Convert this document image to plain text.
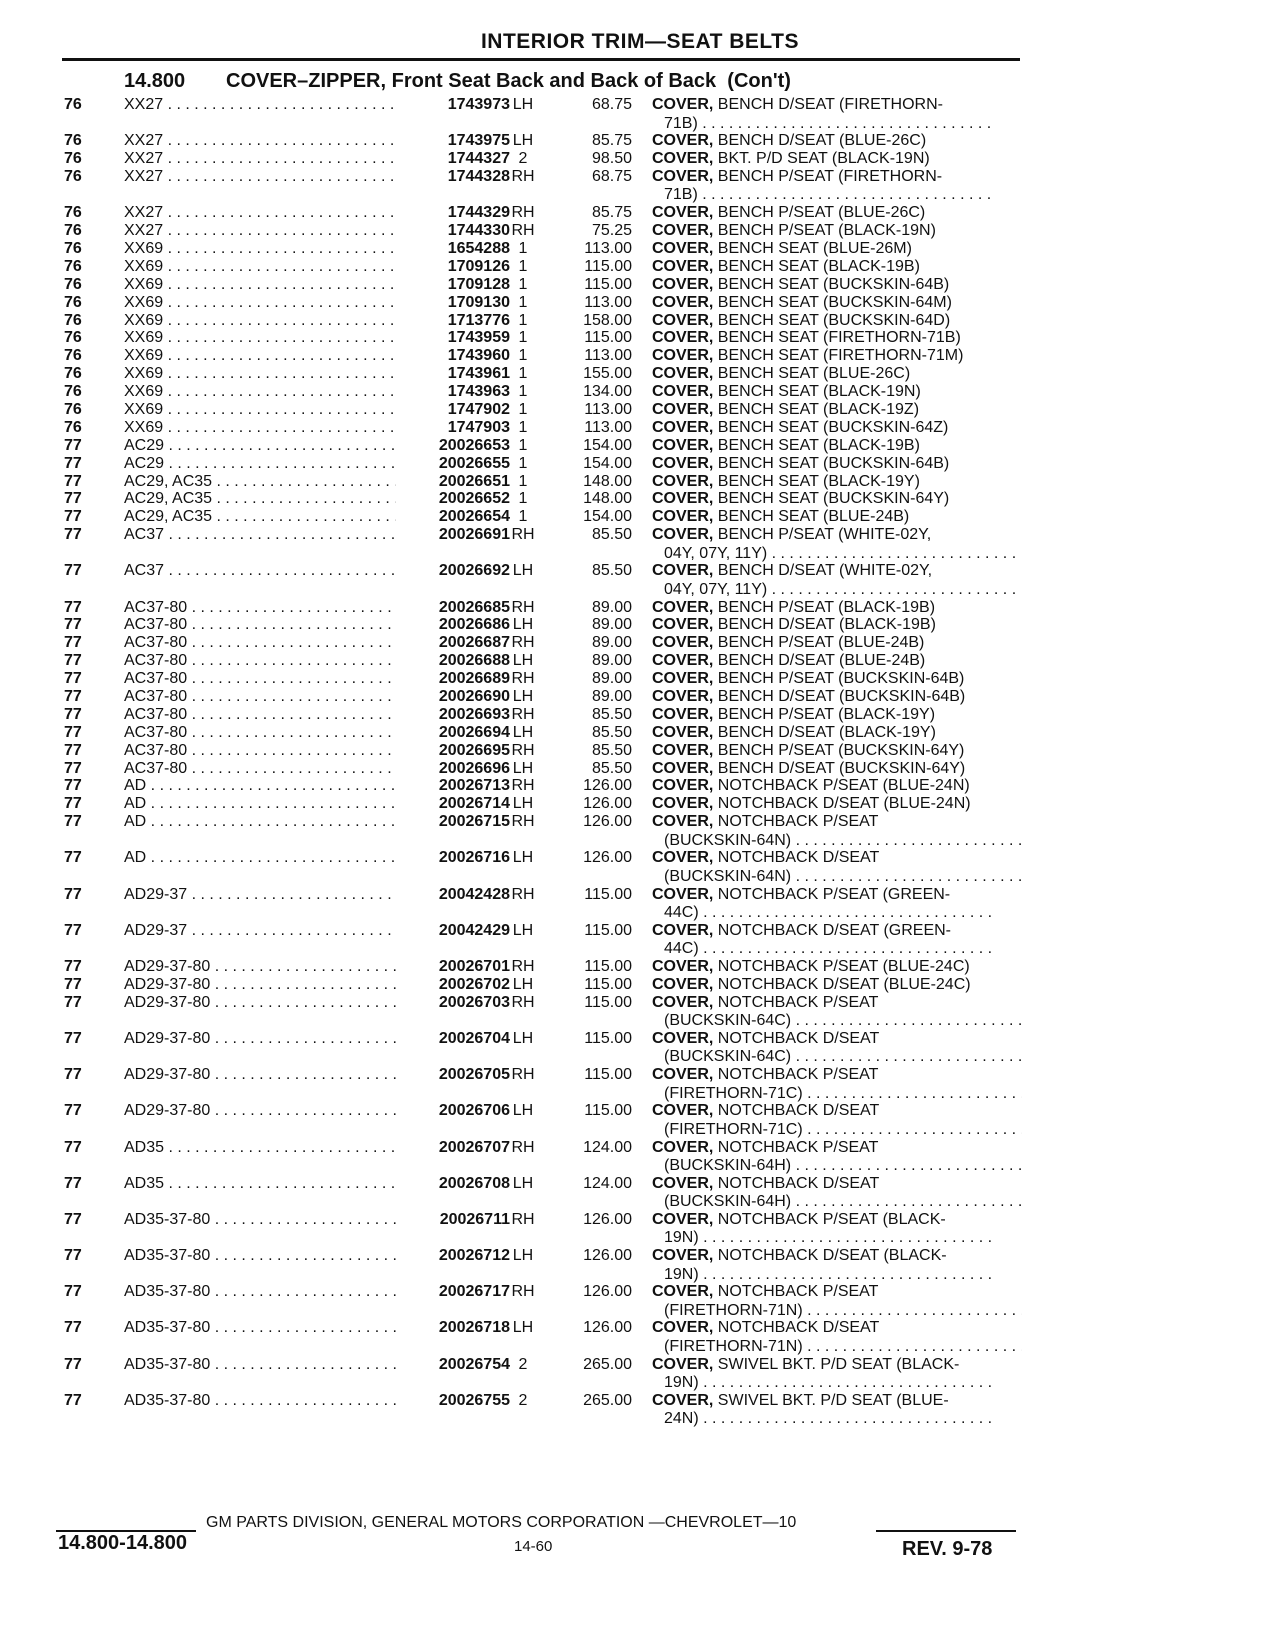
INTERIOR TRIM—SEAT BELTS
14.800 COVER–ZIPPER, Front Seat Back and Back of Back (Con't)
76	XX27 . . .	1743973 LH	68.75 COVER, BENCH D/SEAT (FIRETHORN-
71B) . . .
76	XX27 . . .	1743975 LH	85.75 COVER, BENCH D/SEAT (BLUE-26C)
76	XX27 . . .	1744327 2	98.50 COVER, BKT. P/D SEAT (BLACK-19N)
76	XX27 . . .	1744328 RH	68.75 COVER, BENCH P/SEAT (FIRETHORN-
71B) . . .
76	XX27 . . .	1744329 RH	85.75 COVER, BENCH P/SEAT (BLUE-26C)
76	XX27 . . .	1744330 RH	75.25 COVER, BENCH P/SEAT (BLACK-19N)
76	XX69 . . .	1654288 1	113.00 COVER, BENCH SEAT (BLUE-26M)
76	XX69 . . .	1709126 1	115.00 COVER, BENCH SEAT (BLACK-19B)
76	XX69 . . .	1709128 1	115.00 COVER, BENCH SEAT (BUCKSKIN-64B)
76	XX69 . . .	1709130 1	113.00 COVER, BENCH SEAT (BUCKSKIN-64M)
76	XX69 . . .	1713776 1	158.00 COVER, BENCH SEAT (BUCKSKIN-64D)
76	XX69 . . .	1743959 1	115.00 COVER, BENCH SEAT (FIRETHORN-71B)
76	XX69 . . .	1743960 1	113.00 COVER, BENCH SEAT (FIRETHORN-71M)
76	XX69 . . .	1743961 1	155.00 COVER, BENCH SEAT (BLUE-26C)
76	XX69 . . .	1743963 1	134.00 COVER, BENCH SEAT (BLACK-19N)
76	XX69 . . .	1747902 1	113.00 COVER, BENCH SEAT (BLACK-19Z)
76	XX69 . . .	1747903 1	113.00 COVER, BENCH SEAT (BUCKSKIN-64Z)
77	AC29 . . .	20026653 1	154.00 COVER, BENCH SEAT (BLACK-19B)
77	AC29 . . .	20026655 1	154.00 COVER, BENCH SEAT (BUCKSKIN-64B)
77	AC29, AC35 . . .	20026651 1	148.00 COVER, BENCH SEAT (BLACK-19Y)
77	AC29, AC35 . . .	20026652 1	148.00 COVER, BENCH SEAT (BUCKSKIN-64Y)
77	AC29, AC35 . . .	20026654 1	154.00 COVER, BENCH SEAT (BLUE-24B)
77	AC37 . . .	20026691 RH	85.50 COVER, BENCH P/SEAT (WHITE-02Y,
04Y, 07Y, 11Y) . . .
77	AC37 . . .	20026692 LH	85.50 COVER, BENCH D/SEAT (WHITE-02Y,
04Y, 07Y, 11Y) . . .
77	AC37-80 . . .	20026685 RH	89.00 COVER, BENCH P/SEAT (BLACK-19B)
77	AC37-80 . . .	20026686 LH	89.00 COVER, BENCH D/SEAT (BLACK-19B)
77	AC37-80 . . .	20026687 RH	89.00 COVER, BENCH P/SEAT (BLUE-24B)
77	AC37-80 . . .	20026688 LH	89.00 COVER, BENCH D/SEAT (BLUE-24B)
77	AC37-80 . . .	20026689 RH	89.00 COVER, BENCH P/SEAT (BUCKSKIN-64B)
77	AC37-80 . . .	20026690 LH	89.00 COVER, BENCH D/SEAT (BUCKSKIN-64B)
77	AC37-80 . . .	20026693 RH	85.50 COVER, BENCH P/SEAT (BLACK-19Y)
77	AC37-80 . . .	20026694 LH	85.50 COVER, BENCH D/SEAT (BLACK-19Y)
77	AC37-80 . . .	20026695 RH	85.50 COVER, BENCH P/SEAT (BUCKSKIN-64Y)
77	AC37-80 . . .	20026696 LH	85.50 COVER, BENCH D/SEAT (BUCKSKIN-64Y)
77	AD . . .	20026713 RH	126.00 COVER, NOTCHBACK P/SEAT (BLUE-24N)
77	AD . . .	20026714 LH	126.00 COVER, NOTCHBACK D/SEAT (BLUE-24N)
77	AD . . .	20026715 RH	126.00 COVER, NOTCHBACK P/SEAT
(BUCKSKIN-64N) . . .
77	AD . . .	20026716 LH	126.00 COVER, NOTCHBACK D/SEAT
(BUCKSKIN-64N) . . .
77	AD29-37 . . .	20042428 RH	115.00 COVER, NOTCHBACK P/SEAT (GREEN-
44C) . . .
77	AD29-37 . . .	20042429 LH	115.00 COVER, NOTCHBACK D/SEAT (GREEN-
44C) . . .
77	AD29-37-80 . . .	20026701 RH	115.00 COVER, NOTCHBACK P/SEAT (BLUE-24C)
77	AD29-37-80 . . .	20026702 LH	115.00 COVER, NOTCHBACK D/SEAT (BLUE-24C)
77	AD29-37-80 . . .	20026703 RH	115.00 COVER, NOTCHBACK P/SEAT
(BUCKSKIN-64C) . . .
77	AD29-37-80 . . .	20026704 LH	115.00 COVER, NOTCHBACK D/SEAT
(BUCKSKIN-64C) . . .
77	AD29-37-80 . . .	20026705 RH	115.00 COVER, NOTCHBACK P/SEAT
(FIRETHORN-71C) . . .
77	AD29-37-80 . . .	20026706 LH	115.00 COVER, NOTCHBACK D/SEAT
(FIRETHORN-71C) . . .
77	AD35 . . .	20026707 RH	124.00 COVER, NOTCHBACK P/SEAT
(BUCKSKIN-64H) . . .
77	AD35 . . .	20026708 LH	124.00 COVER, NOTCHBACK D/SEAT
(BUCKSKIN-64H) . . .
77	AD35-37-80 . . .	20026711 RH	126.00 COVER, NOTCHBACK P/SEAT (BLACK-
19N) . . .
77	AD35-37-80 . . .	20026712 LH	126.00 COVER, NOTCHBACK D/SEAT (BLACK-
19N) . . .
77	AD35-37-80 . . .	20026717 RH	126.00 COVER, NOTCHBACK P/SEAT
(FIRETHORN-71N) . . .
77	AD35-37-80 . . .	20026718 LH	126.00 COVER, NOTCHBACK D/SEAT
(FIRETHORN-71N) . . .
77	AD35-37-80 . . .	20026754 2	265.00 COVER, SWIVEL BKT. P/D SEAT (BLACK-
19N) . . .
77	AD35-37-80 . . .	20026755 2	265.00 COVER, SWIVEL BKT. P/D SEAT (BLUE-
24N) . . .
GM PARTS DIVISION, GENERAL MOTORS CORPORATION —CHEVROLET—10
14.800-14.800	14-60	REV. 9-78
